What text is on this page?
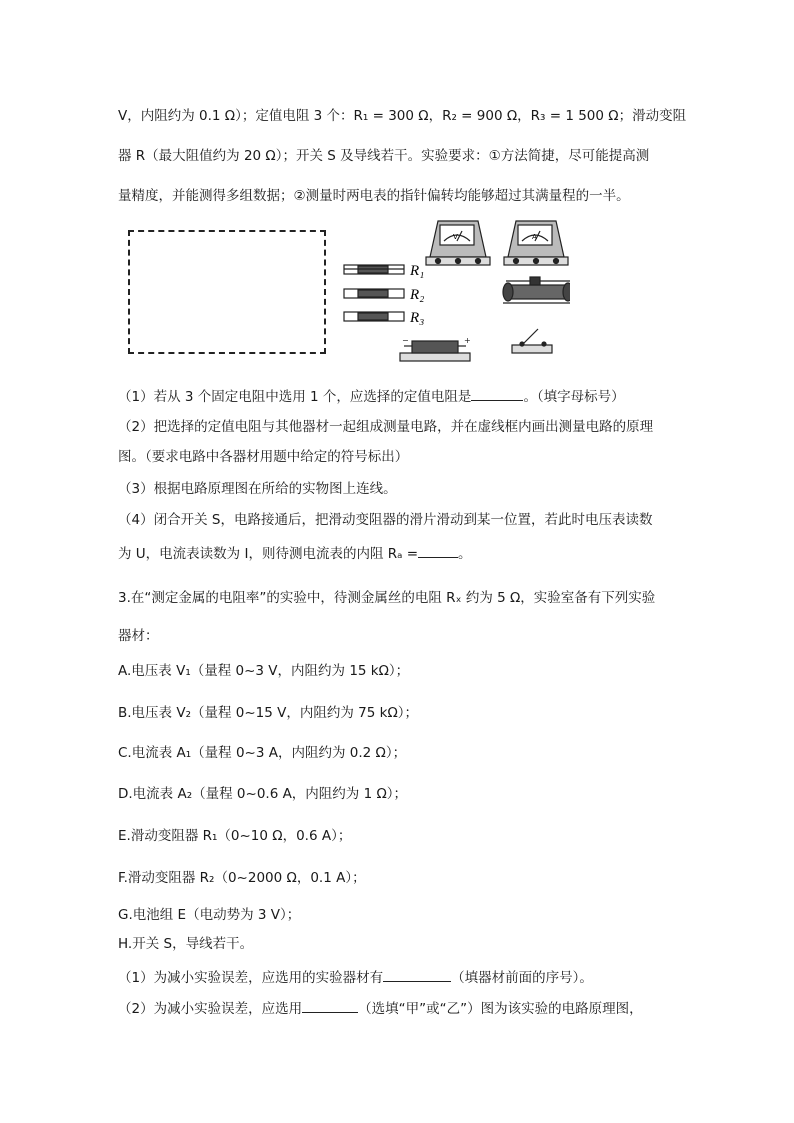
V，内阻约为 0.1 Ω）；定值电阻 3 个：R₁ = 300 Ω，R₂ = 900 Ω，R₃ = 1 500 Ω；滑动变阻
器 R（最大阻值约为 20 Ω）；开关 S 及导线若干。实验要求：①方法简捷，尽可能提高测
量精度，并能测得多组数据；②测量时两电表的指针偏转均能够超过其满量程的一半。
R₁
R₂
R₃
V	A
−	+
（1）若从 3 个固定电阻中选用 1 个，应选择的定值电阻是	。（填字母标号）
（2）把选择的定值电阻与其他器材一起组成测量电路，并在虚线框内画出测量电路的原理
图。（要求电路中各器材用题中给定的符号标出）
（3）根据电路原理图在所给的实物图上连线。
（4）闭合开关 S，电路接通后，把滑动变阻器的滑片滑动到某一位置，若此时电压表读数
为 U，电流表读数为 I，则待测电流表的内阻 Rₐ =	。
3.在“测定金属的电阻率”的实验中，待测金属丝的电阻 Rₓ 约为 5 Ω，实验室备有下列实验
器材：
A.电压表 V₁（量程 0~3 V，内阻约为 15 kΩ）；
B.电压表 V₂（量程 0~15 V，内阻约为 75 kΩ）；
C.电流表 A₁（量程 0~3 A，内阻约为 0.2 Ω）；
D.电流表 A₂（量程 0~0.6 A，内阻约为 1 Ω）；
E.滑动变阻器 R₁（0~10 Ω，0.6 A）；
F.滑动变阻器 R₂（0~2000 Ω，0.1 A）；
G.电池组 E（电动势为 3 V）；
H.开关 S，导线若干。
（1）为减小实验误差，应选用的实验器材有	（填器材前面的序号）。
（2）为减小实验误差，应选用	（选填“甲”或“乙”）图为该实验的电路原理图，
